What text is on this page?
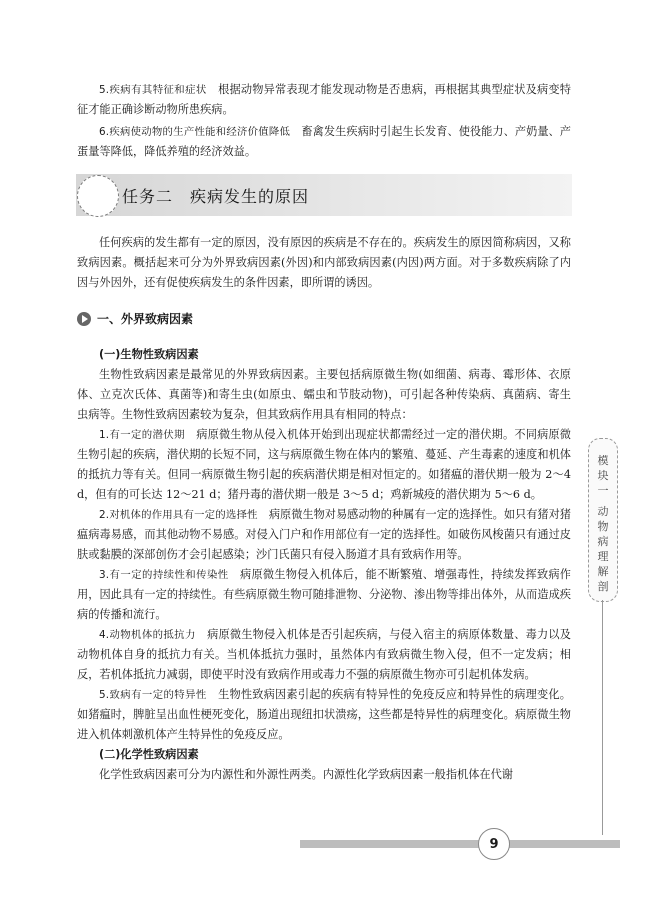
5.疾病有其特征和症状　 根据动物异常表现才能发现动物是否患病，再根据其典型症状及病变特征才能正确诊断动物所患疾病。

6.疾病使动物的生产性能和经济价值降低　 畜禽发生疾病时引起生长发育、使役能力、产奶量、产蛋量等降低，降低养殖的经济效益。

任务二　疾病发生的原因

任何疾病的发生都有一定的原因，没有原因的疾病是不存在的。疾病发生的原因简称病因，又称致病因素。概括起来可分为外界致病因素(外因)和内部致病因素(内因)两方面。对于多数疾病除了内因与外因外，还有促使疾病发生的条件因素，即所谓的诱因。

一、外界致病因素

(一)生物性致病因素

生物性致病因素是最常见的外界致病因素。主要包括病原微生物(如细菌、病毒、霉形体、衣原体、立克次氏体、真菌等)和寄生虫(如原虫、蠕虫和节肢动物)，可引起各种传染病、真菌病、寄生虫病等。生物性致病因素较为复杂，但其致病作用具有相同的特点：

1.有一定的潜伏期　 病原微生物从侵入机体开始到出现症状都需经过一定的潜伏期。不同病原微生物引起的疾病，潜伏期的长短不同，这与病原微生物在体内的繁殖、蔓延、产生毒素的速度和机体的抵抗力等有关。但同一病原微生物引起的疾病潜伏期是相对恒定的。如猪瘟的潜伏期一般为 2～4 d，但有的可长达 12～21 d；猪丹毒的潜伏期一般是 3～5 d；鸡新城疫的潜伏期为 5～6 d。

2.对机体的作用具有一定的选择性　 病原微生物对易感动物的种属有一定的选择性。如只有猪对猪瘟病毒易感，而其他动物不易感。对侵入门户和作用部位有一定的选择性。如破伤风梭菌只有通过皮肤或黏膜的深部创伤才会引起感染；沙门氏菌只有侵入肠道才具有致病作用等。

3.有一定的持续性和传染性　 病原微生物侵入机体后，能不断繁殖、增强毒性，持续发挥致病作用，因此具有一定的持续性。有些病原微生物可随排泄物、分泌物、渗出物等排出体外，从而造成疾病的传播和流行。

4.动物机体的抵抗力　 病原微生物侵入机体是否引起疾病，与侵入宿主的病原体数量、毒力以及动物机体自身的抵抗力有关。当机体抵抗力强时，虽然体内有致病微生物入侵，但不一定发病；相反，若机体抵抗力减弱，即使平时没有致病作用或毒力不强的病原微生物亦可引起机体发病。

5.致病有一定的特异性　 生物性致病因素引起的疾病有特异性的免疫反应和特异性的病理变化。如猪瘟时，脾脏呈出血性梗死变化，肠道出现纽扣状溃疡，这些都是特异性的病理变化。病原微生物进入机体刺激机体产生特异性的免疫反应。

(二)化学性致病因素

化学性致病因素可分为内源性和外源性两类。内源性化学致病因素一般指机体在代谢

模
块
一
动
物
病
理
解
剖
9
